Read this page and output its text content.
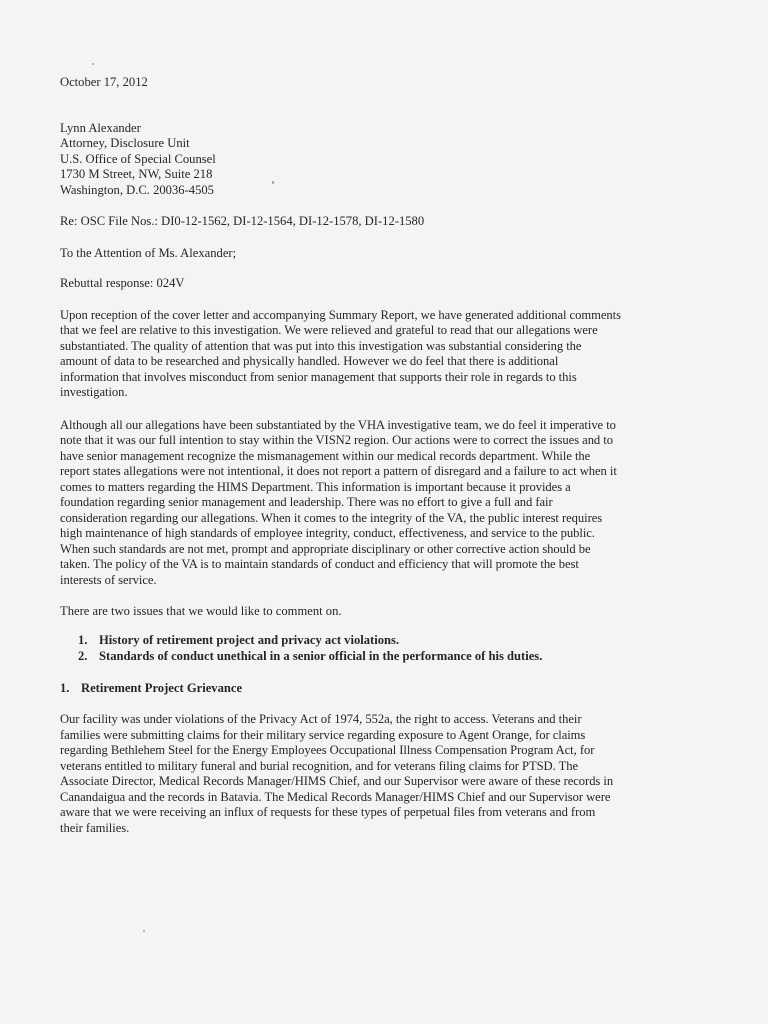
October 17, 2012
Lynn Alexander
Attorney, Disclosure Unit
U.S. Office of Special Counsel
1730 M Street, NW, Suite 218
Washington, D.C. 20036-4505
Re: OSC File Nos.: DI0-12-1562, DI-12-1564, DI-12-1578, DI-12-1580
To the Attention of Ms. Alexander;
Rebuttal response: 024V
Upon reception of the cover letter and accompanying Summary Report, we have generated additional comments
that we feel are relative to this investigation. We were relieved and grateful to read that our allegations were
substantiated. The quality of attention that was put into this investigation was substantial considering the
amount of data to be researched and physically handled. However we do feel that there is additional
information that involves misconduct from senior management that supports their role in regards to this
investigation.
Although all our allegations have been substantiated by the VHA investigative team, we do feel it imperative to
note that it was our full intention to stay within the VISN2 region. Our actions were to correct the issues and to
have senior management recognize the mismanagement within our medical records department. While the
report states allegations were not intentional, it does not report a pattern of disregard and a failure to act when it
comes to matters regarding the HIMS Department. This information is important because it provides a
foundation regarding senior management and leadership. There was no effort to give a full and fair
consideration regarding our allegations. When it comes to the integrity of the VA, the public interest requires
high maintenance of high standards of employee integrity, conduct, effectiveness, and service to the public.
When such standards are not met, prompt and appropriate disciplinary or other corrective action should be
taken. The policy of the VA is to maintain standards of conduct and efficiency that will promote the best
interests of service.
There are two issues that we would like to comment on.
1. History of retirement project and privacy act violations.
2. Standards of conduct unethical in a senior official in the performance of his duties.
1. Retirement Project Grievance
Our facility was under violations of the Privacy Act of 1974, 552a, the right to access. Veterans and their
families were submitting claims for their military service regarding exposure to Agent Orange, for claims
regarding Bethlehem Steel for the Energy Employees Occupational Illness Compensation Program Act, for
veterans entitled to military funeral and burial recognition, and for veterans filing claims for PTSD. The
Associate Director, Medical Records Manager/HIMS Chief, and our Supervisor were aware of these records in
Canandaigua and the records in Batavia. The Medical Records Manager/HIMS Chief and our Supervisor were
aware that we were receiving an influx of requests for these types of perpetual files from veterans and from
their families.
